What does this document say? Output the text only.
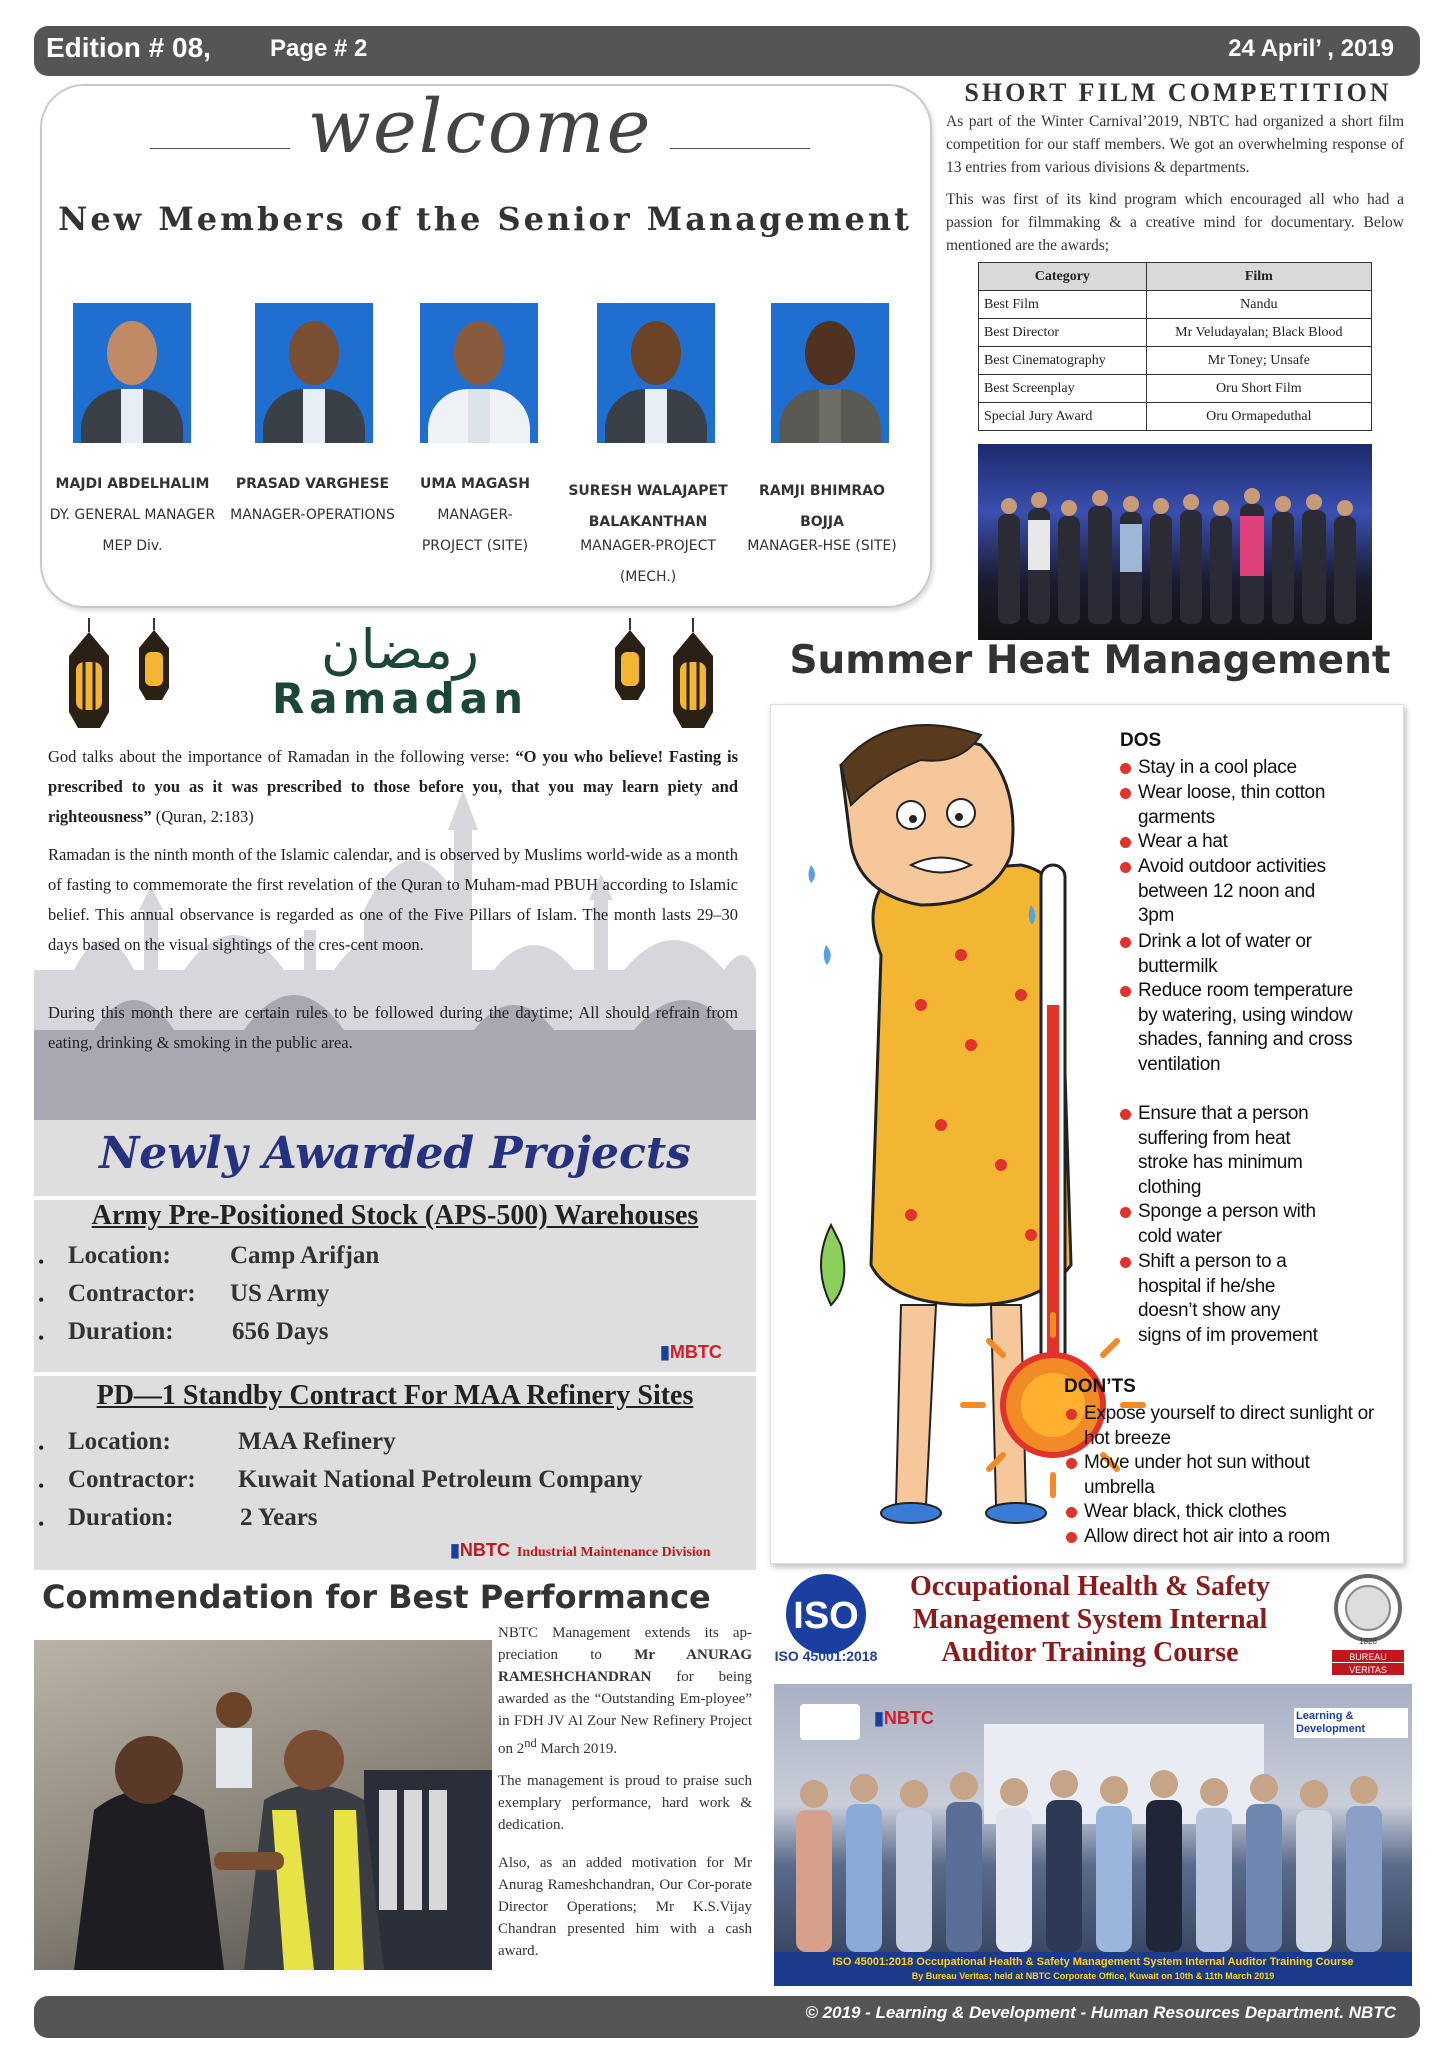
Edition # 08, Page # 2	24 April’ , 2019
welcome
New Members of the Senior Management
MAJDI ABDELHALIM
DY. GENERAL MANAGER
MEP Div.
PRASAD VARGHESE
MANAGER-OPERATIONS
UMA MAGASH
MANAGER-
PROJECT (SITE)
SURESH WALAJAPET
BALAKANTHAN
MANAGER-PROJECT
(MECH.)
RAMJI BHIMRAO
BOJJA
MANAGER-HSE (SITE)
SHORT FILM COMPETITION
As part of the Winter Carnival’2019, NBTC had organized a short film competition for our staff members. We got an overwhelming response of 13 entries from various divisions & departments.
This was first of its kind program which encouraged all who had a passion for filmmaking & a creative mind for documentary. Below mentioned are the awards;
Category	Film
Best Film	Nandu
Best Director	Mr Veludayalan; Black Blood
Best Cinematography	Mr Toney; Unsafe
Best Screenplay	Oru Short Film
Special Jury Award	Oru Ormapeduthal
رمضان
Ramadan
God talks about the importance of Ramadan in the following verse: “O you who believe! Fasting is prescribed to you as it was prescribed to those before you, that you may learn piety and righteousness” (Quran, 2:183)
Ramadan is the ninth month of the Islamic calendar, and is observed by Muslims world-wide as a month of fasting to commemorate the first revelation of the Quran to Muham-mad PBUH according to Islamic belief. This annual observance is regarded as one of the Five Pillars of Islam. The month lasts 29–30 days based on the visual sightings of the cres-cent moon.
During this month there are certain rules to be followed during the daytime; All should refrain from eating, drinking & smoking in the public area.
Newly Awarded Projects
Army Pre-Positioned Stock (APS-500) Warehouses
• Location: Camp Arifjan
• Contractor: US Army
• Duration: 656 Days
▮MBTC
PD—1 Standby Contract For MAA Refinery Sites
• Location:	MAA Refinery
• Contractor: Kuwait National Petroleum Company
• Duration:	2 Years
▮NBTC Industrial Maintenance Division
Commendation for Best Performance
NBTC Management extends its ap-preciation to Mr ANURAG RAMESHCHANDRAN for being awarded as the “Outstanding Em-ployee” in FDH JV Al Zour New Refinery Project on 2nd March 2019.
The management is proud to praise such exemplary performance, hard work & dedication.
Also, as an added motivation for Mr Anurag Rameshchandran, Our Cor-porate Director Operations; Mr K.S.Vijay Chandran presented him with a cash award.
Summer Heat Management
DOS
Stay in a cool place
Wear loose, thin cotton garments
Wear a hat
Avoid outdoor activities between 12 noon and 3pm
Drink a lot of water or buttermilk
Reduce room temperature by watering, using window shades, fanning and cross ventilation
Ensure that a person suffering from heat stroke has minimum clothing
Sponge a person with cold water
Shift a person to a hospital if he/she doesn’t show any signs of im provement
DON’TS
Expose yourself to direct sunlight or hot breeze
Move under hot sun without umbrella
Wear black, thick clothes
Allow direct hot air into a room
ISO
ISO 45001:2018
Occupational Health & Safety Management System Internal Auditor Training Course	1828
BUREAU
VERITAS
▮NBTC	Learning & Development
ISO 45001:2018 Occupational Health & Safety Management System Internal Auditor Training Course
By Bureau Veritas; held at NBTC Corporate Office, Kuwait on 10th & 11th March 2019
© 2019 - Learning & Development - Human Resources Department. NBTC
